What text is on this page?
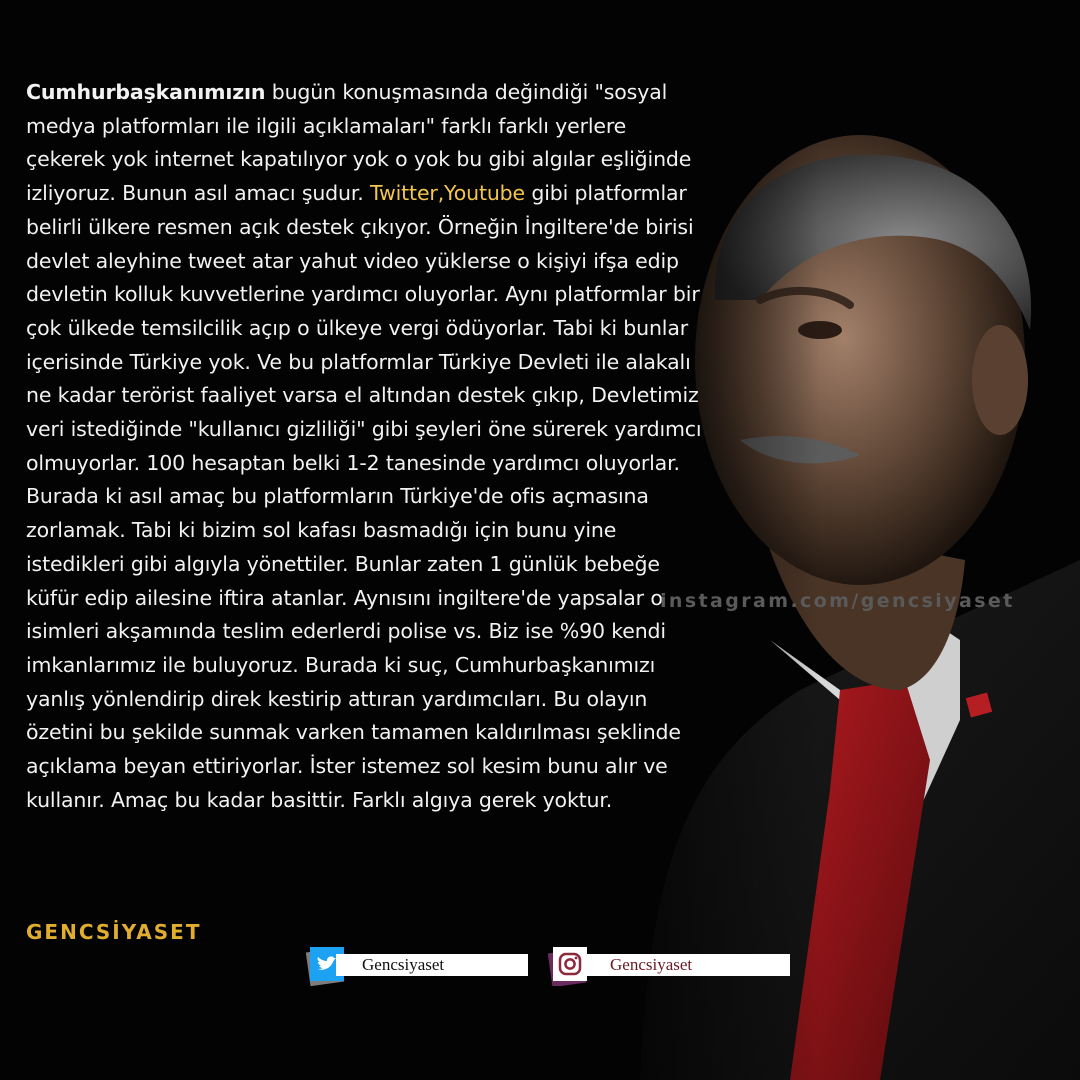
Cumhurbaşkanımızın bugün konuşmasında değindiği "sosyal medya platformları ile ilgili açıklamaları" farklı farklı yerlere çekerek yok internet kapatılıyor yok o yok bu gibi algılar eşliğinde izliyoruz. Bunun asıl amacı şudur. Twitter,Youtube gibi platformlar belirli ülkere resmen açık destek çıkıyor. Örneğin İngiltere'de birisi devlet aleyhine tweet atar yahut video yüklerse o kişiyi ifşa edip devletin kolluk kuvvetlerine yardımcı oluyorlar. Aynı platformlar bir çok ülkede temsilcilik açıp o ülkeye vergi ödüyorlar. Tabi ki bunlar içerisinde Türkiye yok. Ve bu platformlar Türkiye Devleti ile alakalı ne kadar terörist faaliyet varsa el altından destek çıkıp, Devletimiz veri istediğinde "kullanıcı gizliliği" gibi şeyleri öne sürerek yardımcı olmuyorlar. 100 hesaptan belki 1-2 tanesinde yardımcı oluyorlar. Burada ki asıl amaç bu platformların Türkiye'de ofis açmasına zorlamak. Tabi ki bizim sol kafası basmadığı için bunu yine istedikleri gibi algıyla yönettiler. Bunlar zaten 1 günlük bebeğe küfür edip ailesine iftira atanlar. Aynısını ingiltere'de yapsalar o isimleri akşamında teslim ederlerdi polise vs. Biz ise %90 kendi imkanlarımız ile buluyoruz. Burada ki suç, Cumhurbaşkanımızı yanlış yönlendirip direk kestirip attıran yardımcıları. Bu olayın özetini bu şekilde sunmak varken tamamen kaldırılması şeklinde açıklama beyan ettiriyorlar. İster istemez sol kesim bunu alır ve kullanır. Amaç bu kadar basittir. Farklı algıya gerek yoktur.
GENCSİYASET
instagram.com/gencsiyaset
Gencsiyaset	Gencsiyaset
